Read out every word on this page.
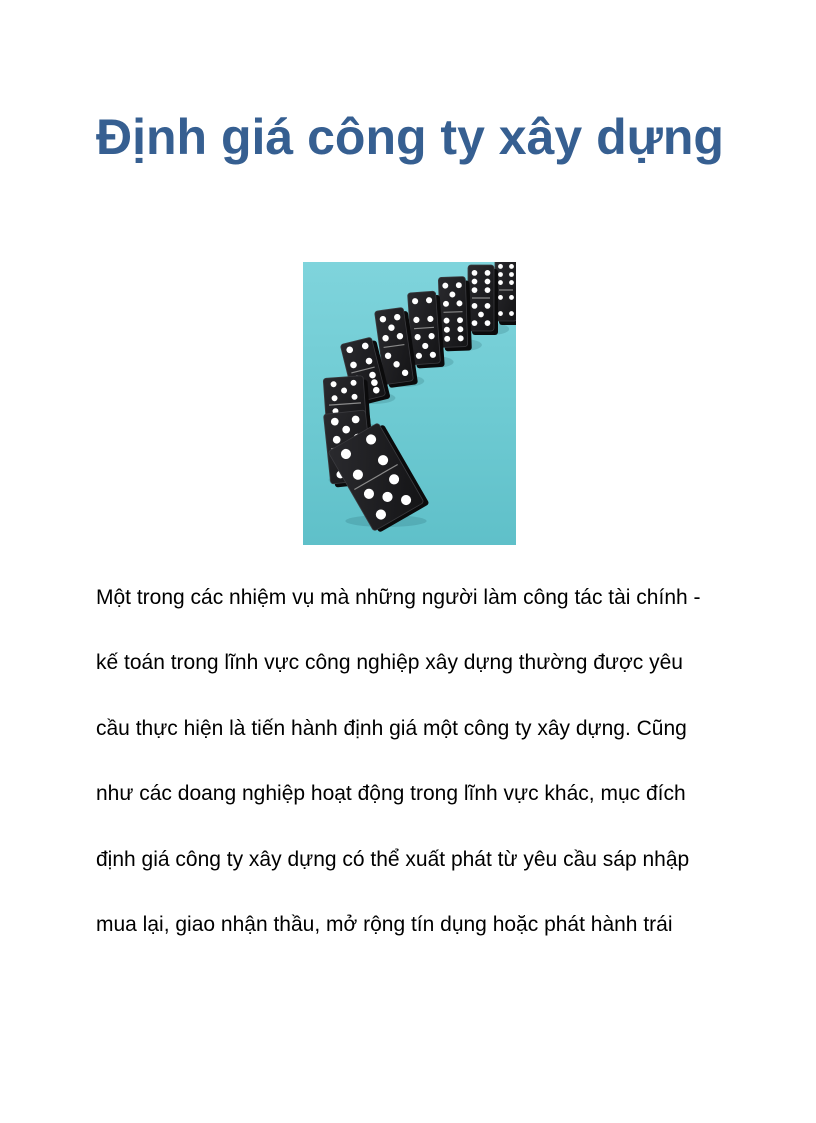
Định giá công ty xây dựng
Một trong các nhiệm vụ mà những người làm công tác tài chính -
kế toán trong lĩnh vực công nghiệp xây dựng thường được yêu
cầu thực hiện là tiến hành định giá một công ty xây dựng. Cũng
như các doang nghiệp hoạt động trong lĩnh vực khác, mục đích
định giá công ty xây dựng có thể xuất phát từ yêu cầu sáp nhập
mua lại, giao nhận thầu, mở rộng tín dụng hoặc phát hành trái
